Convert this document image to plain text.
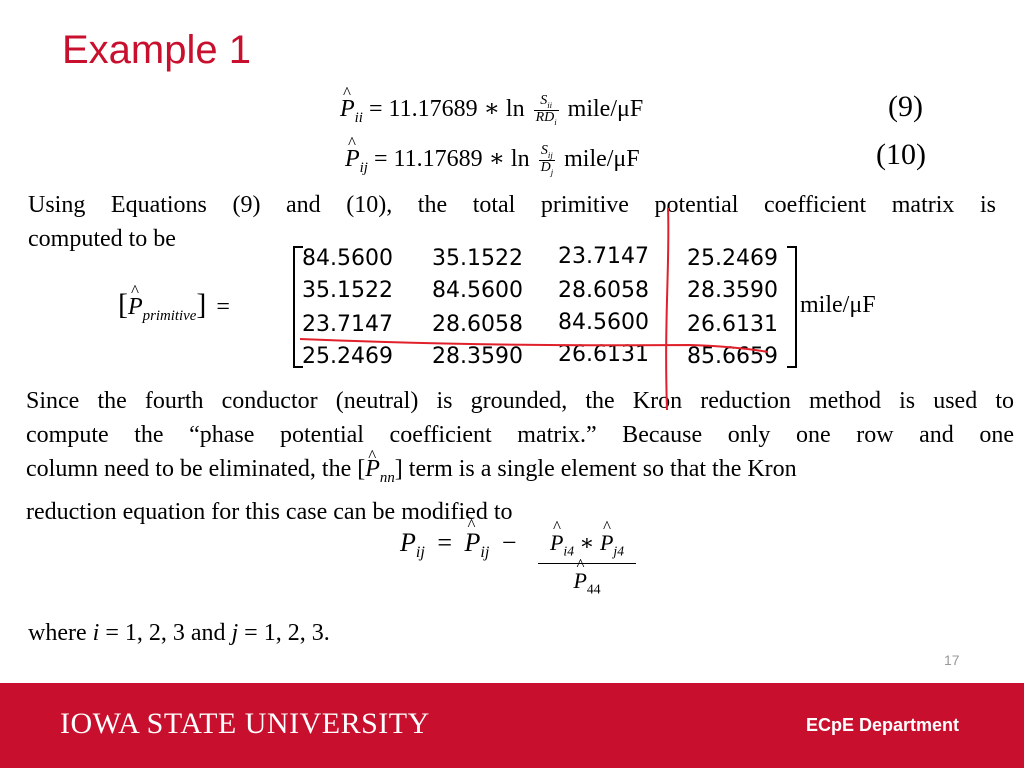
Example 1
^ $P_{ii} = 11.17689$ ∗ $\ln \frac{S_{ii}}{RD_i}$ mile/μF	(9)
^ $P_{ij} = 11.17689$ ∗ $\ln \frac{S_{ij}}{D_j}$ mile/μF	(10)
Using Equations (9) and (10), the total primitive potential coefficient matrix is
computed to be
[^ $P_{primitive}$] =
84.5600 35.1522 23.7147 25.2469
35.1522 84.5600 28.6058 28.3590
23.7147 28.6058 84.5600 26.6131
25.2469 28.3590 26.6131 85.6659
mile/μF
Since the fourth conductor (neutral) is grounded, the Kron reduction method is used to
compute the “phase potential coefficient matrix.” Because only one row and one
column need to be eliminated, the [^ $P_{nn}$] term is a single element so that the Kron
reduction equation for this case can be modified to
$P_{ij}$ = ^ $P_{ij}$ − ^ $P_{i4}$ ∗ ^ $P_{j4}$
^ $P_{44}$
where i = 1, 2, 3 and j = 1, 2, 3.
17
IOWA STATE UNIVERSITY	ECpE Department
